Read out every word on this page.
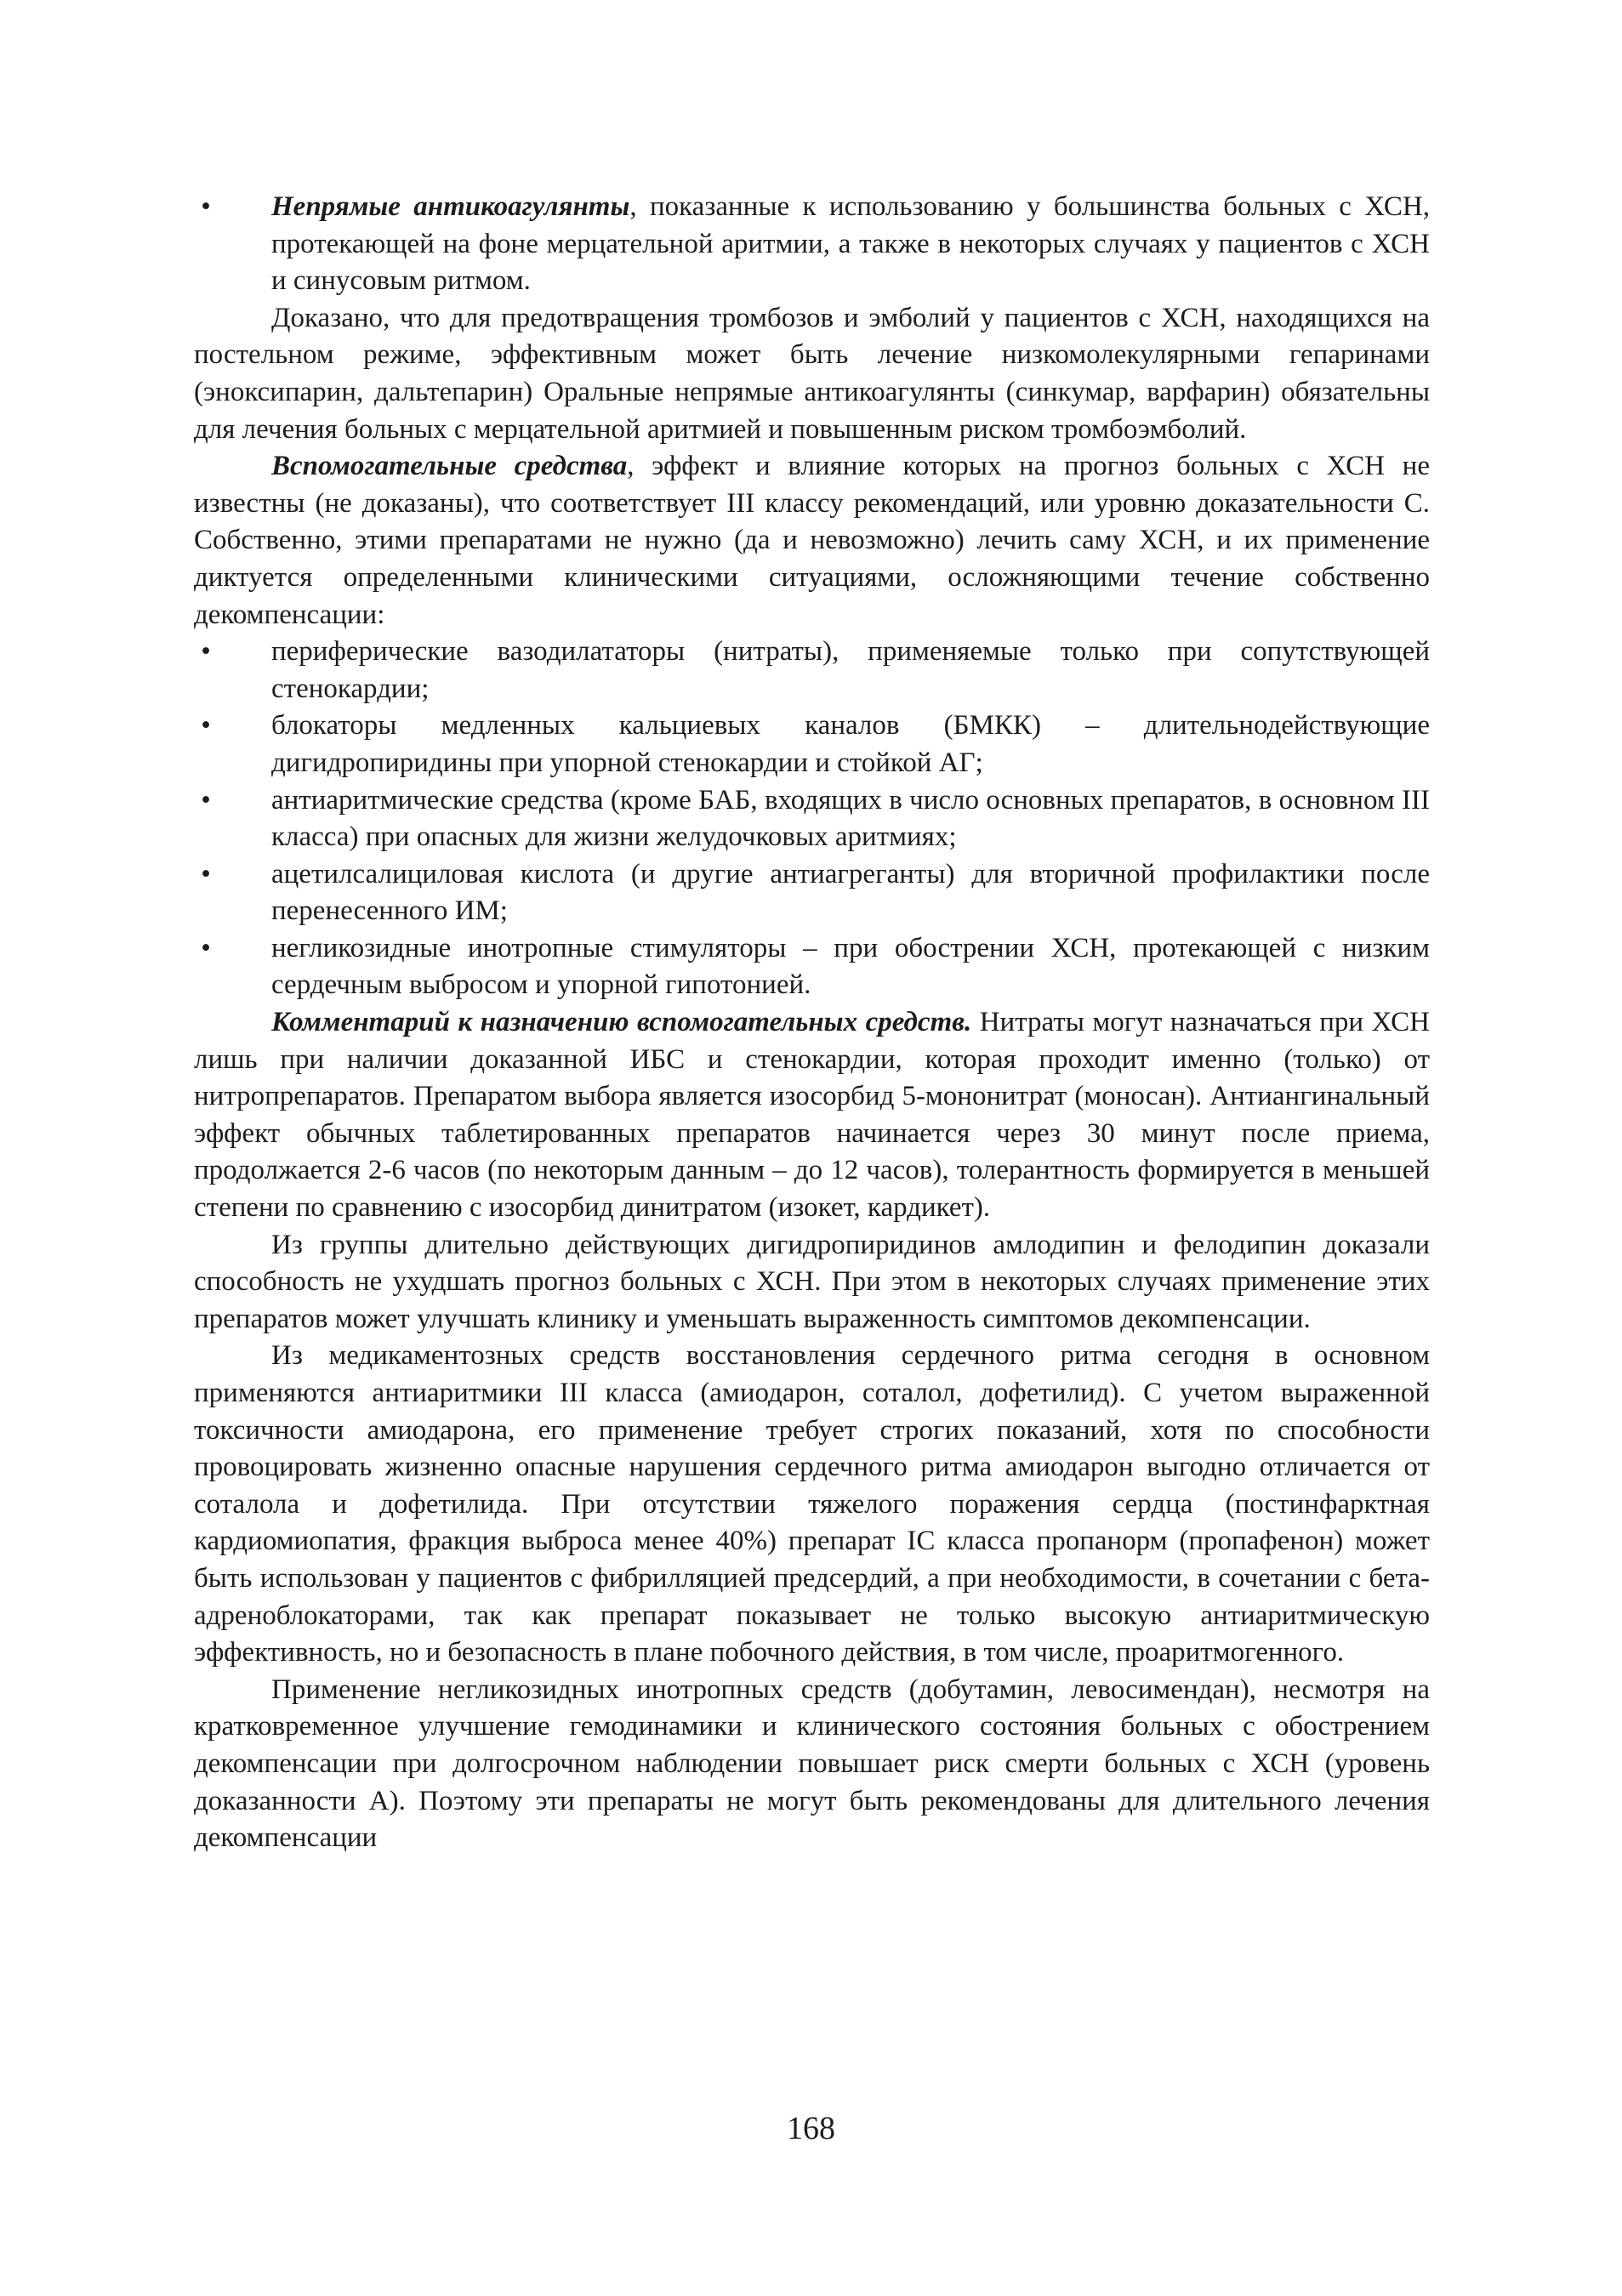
• Непрямые антикоагулянты, показанные к использованию у большинства больных с ХСН, протекающей на фоне мерцательной аритмии, а также в некоторых случаях у пациентов с ХСН и синусовым ритмом.

Доказано, что для предотвращения тромбозов и эмболий у пациентов с ХСН, находящихся на постельном режиме, эффективным может быть лечение низкомолекулярными гепаринами (эноксипарин, дальтепарин) Оральные непрямые антикоагулянты (синкумар, варфарин) обязательны для лечения больных с мерцательной аритмией и повышенным риском тромбоэмболий.

Вспомогательные средства, эффект и влияние которых на прогноз больных с ХСН не известны (не доказаны), что соответствует III классу рекомендаций, или уровню доказательности С. Собственно, этими препаратами не нужно (да и невозможно) лечить саму ХСН, и их применение диктуется определенными клиническими ситуациями, осложняющими течение собственно декомпенсации:

• периферические вазодилататоры (нитраты), применяемые только при сопутствующей стенокардии;

• блокаторы медленных кальциевых каналов (БМКК) – длительнодействующие дигидропиридины при упорной стенокардии и стойкой АГ;

• антиаритмические средства (кроме БАБ, входящих в число основных препаратов, в основном III класса) при опасных для жизни желудочковых аритмиях;

• ацетилсалициловая кислота (и другие антиагреганты) для вторичной профилактики после перенесенного ИМ;

• негликозидные инотропные стимуляторы – при обострении ХСН, протекающей с низким сердечным выбросом и упорной гипотонией.

Комментарий к назначению вспомогательных средств. Нитраты могут назначаться при ХСН лишь при наличии доказанной ИБС и стенокардии, которая проходит именно (только) от нитропрепаратов. Препаратом выбора является изосорбид 5-мононитрат (моносан). Антиангинальный эффект обычных таблетированных препаратов начинается через 30 минут после приема, продолжается 2-6 часов (по некоторым данным – до 12 часов), толерантность формируется в меньшей степени по сравнению с изосорбид динитратом (изокет, кардикет).

Из группы длительно действующих дигидропиридинов амлодипин и фелодипин доказали способность не ухудшать прогноз больных с ХСН. При этом в некоторых случаях применение этих препаратов может улучшать клинику и уменьшать выраженность симптомов декомпенсации.

Из медикаментозных средств восстановления сердечного ритма сегодня в основном применяются антиаритмики III класса (амиодарон, соталол, дофетилид). С учетом выраженной токсичности амиодарона, его применение требует строгих показаний, хотя по способности провоцировать жизненно опасные нарушения сердечного ритма амиодарон выгодно отличается от соталола и дофетилида. При отсутствии тяжелого поражения сердца (постинфарктная кардиомиопатия, фракция выброса менее 40%) препарат IС класса пропанорм (пропафенон) может быть использован у пациентов с фибрилляцией предсердий, а при необходимости, в сочетании с бета-адреноблокаторами, так как препарат показывает не только высокую антиаритмическую эффективность, но и безопасность в плане побочного действия, в том числе, проаритмогенного.

Применение негликозидных инотропных средств (добутамин, левосимендан), несмотря на кратковременное улучшение гемодинамики и клинического состояния больных с обострением декомпенсации при долгосрочном наблюдении повышает риск смерти больных с ХСН (уровень доказанности А). Поэтому эти препараты не могут быть рекомендованы для длительного лечения декомпенсации

168
